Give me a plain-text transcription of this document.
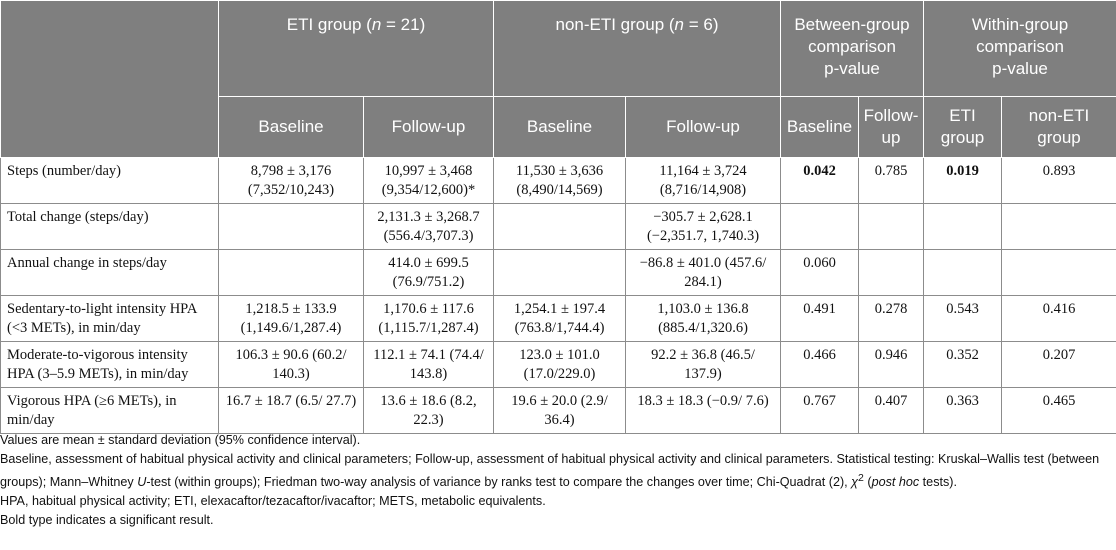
	ETI group (n = 21)		non-ETI group (n = 6)		Between-group
comparison
p-value		Within-group
comparison
p-value	
	Baseline	Follow-up	Baseline	Follow-up	Baseline	Follow-up	ETI group	non-ETI group
Steps (number/day)	8,798 ± 3,176 (7,352/10,243)	10,997 ± 3,468 (9,354/12,600)*	11,530 ± 3,636 (8,490/14,569)	11,164 ± 3,724 (8,716/14,908)	0.042	0.785	0.019	0.893
Total change (steps/day)		2,131.3 ± 3,268.7 (556.4/3,707.3)		−305.7 ± 2,628.1 (−2,351.7, 1,740.3)				
Annual change in steps/day		414.0 ± 699.5 (76.9/751.2)		−86.8 ± 401.0 (457.6/ 284.1)	0.060			
Sedentary-to-light intensity HPA (<3 METs), in min/day	1,218.5 ± 133.9 (1,149.6/1,287.4)	1,170.6 ± 117.6 (1,115.7/1,287.4)	1,254.1 ± 197.4 (763.8/1,744.4)	1,103.0 ± 136.8 (885.4/1,320.6)	0.491	0.278	0.543	0.416
Moderate-to-vigorous intensity HPA (3–5.9 METs), in min/day	106.3 ± 90.6 (60.2/ 140.3)	112.1 ± 74.1 (74.4/ 143.8)	123.0 ± 101.0 (17.0/229.0)	92.2 ± 36.8 (46.5/ 137.9)	0.466	0.946	0.352	0.207
Vigorous HPA (≥6 METs), in min/day	16.7 ± 18.7 (6.5/ 27.7)	13.6 ± 18.6 (8.2, 22.3)	19.6 ± 20.0 (2.9/ 36.4)	18.3 ± 18.3 (−0.9/ 7.6)	0.767	0.407	0.363	0.465

Values are mean ± standard deviation (95% confidence interval).

Baseline, assessment of habitual physical activity and clinical parameters; Follow-up, assessment of habitual physical activity and clinical parameters. Statistical testing: Kruskal–Wallis test (between groups); Mann–Whitney U-test (within groups); Friedman two-way analysis of variance by ranks test to compare the changes over time; Chi-Quadrat (2), $\chi^2$ (post hoc tests).

HPA, habitual physical activity; ETI, elexacaftor/tezacaftor/ivacaftor; METS, metabolic equivalents.

Bold type indicates a significant result.
